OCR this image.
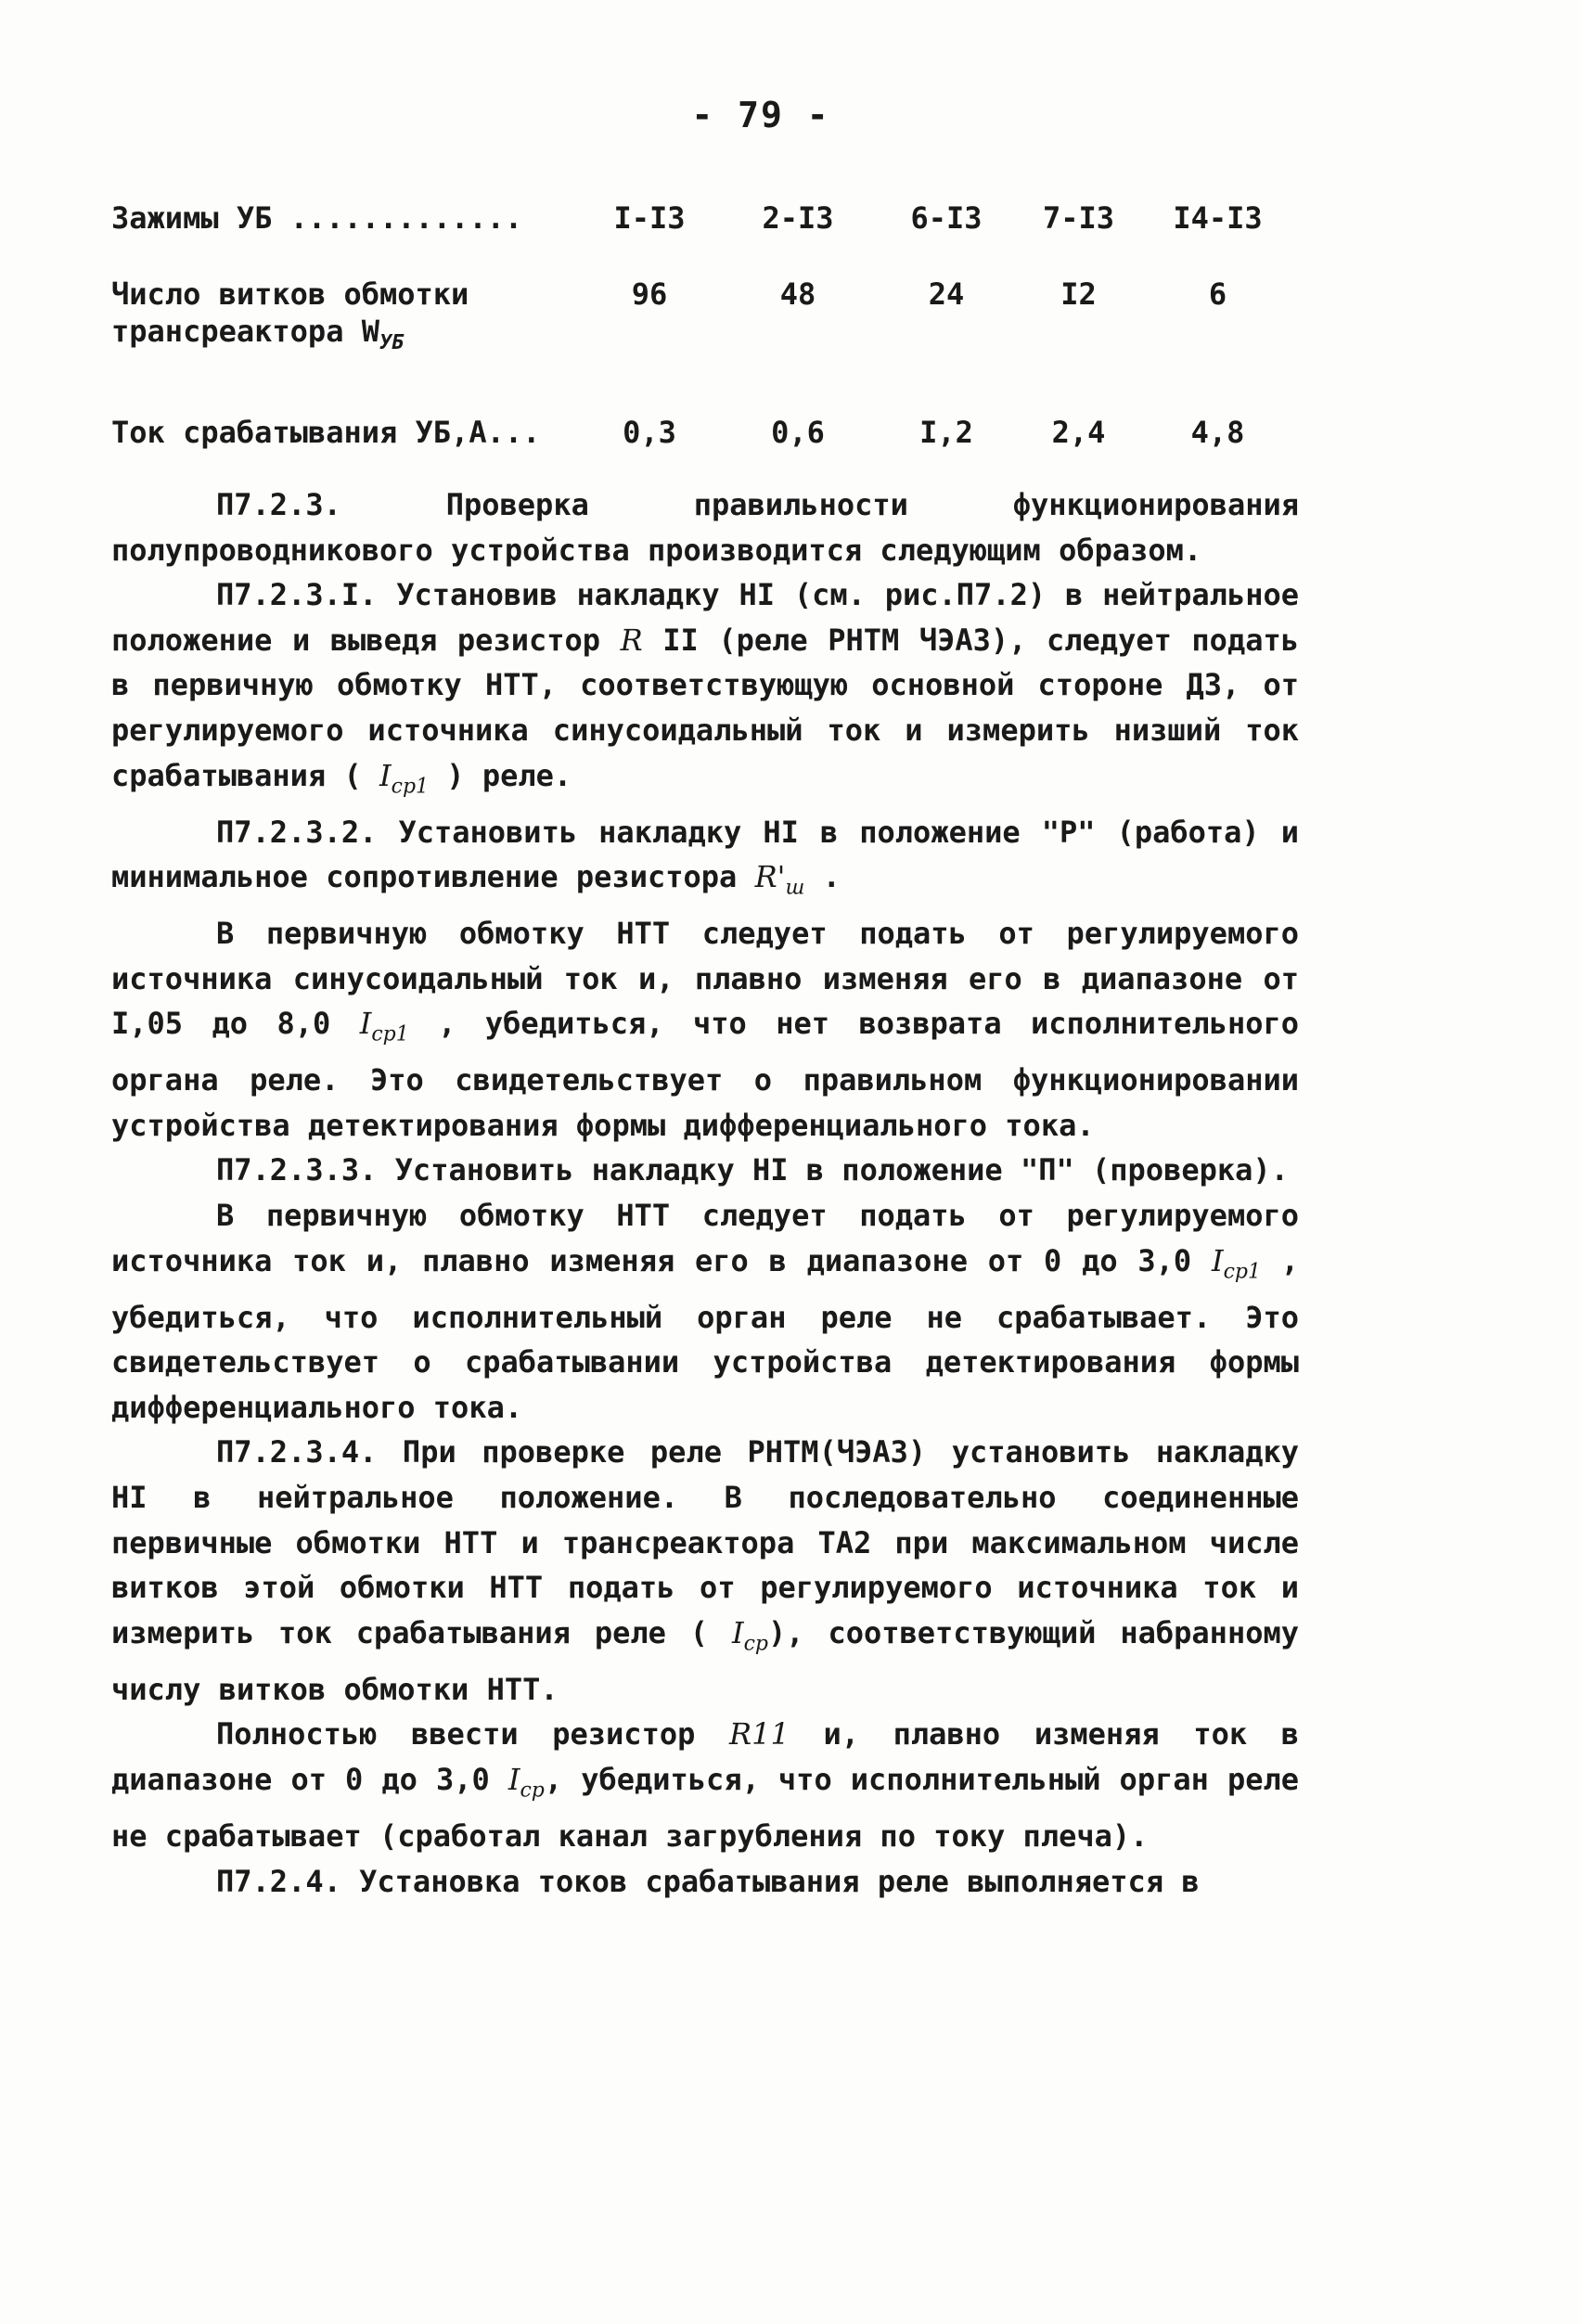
- 79 -
Зажимы УБ .............	I-I3	2-I3	6-I3	7-I3	I4-I3
Число витков обмотки
трансреактора $W_{УБ}$
96	48	24	I2	6
Ток срабатывания УБ,А...	0,3	0,6	I,2	2,4	4,8

П7.2.3. Проверка правильности функционирования полупроводникового устройства производится следующим образом.

П7.2.3.I. Установив накладку НI (см. рис.П7.2) в нейтральное положение и выведя резистор R II (реле РНТМ ЧЭАЗ), следует подать в первичную обмотку НТТ, соответствующую основной стороне ДЗ, от регулируемого источника синусоидальный ток и измерить низший ток срабатывания ( $I_{ср1}$ ) реле.

П7.2.3.2. Установить накладку НI в положение "Р" (работа) и минимальное сопротивление резистора $R'_ш$ .

В первичную обмотку НТТ следует подать от регулируемого источника синусоидальный ток и, плавно изменяя его в диапазоне от I,05 до 8,0 $I_{ср1}$ , убедиться, что нет возврата исполнительного органа реле. Это свидетельствует о правильном функционировании устройства детектирования формы дифференциального тока.

П7.2.3.3. Установить накладку НI в положение "П" (проверка).

В первичную обмотку НТТ следует подать от регулируемого источника ток и, плавно изменяя его в диапазоне от 0 до 3,0 $I_{ср1}$ , убедиться, что исполнительный орган реле не срабатывает. Это свидетельствует о срабатывании устройства детектирования формы дифференциального тока.

П7.2.3.4. При проверке реле РНТМ(ЧЭАЗ) установить накладку НI в нейтральное положение. В последовательно соединенные первичные обмотки НТТ и трансреактора ТА2 при максимальном числе витков этой обмотки НТТ подать от регулируемого источника ток и измерить ток срабатывания реле ( $I_{ср}$), соответствующий набранному числу витков обмотки НТТ.

Полностью ввести резистор R11 и, плавно изменяя ток в диапазоне от 0 до 3,0 $I_{ср}$, убедиться, что исполнительный орган реле не срабатывает (сработал канал загрубления по току плеча).

П7.2.4. Установка токов срабатывания реле выполняется в
